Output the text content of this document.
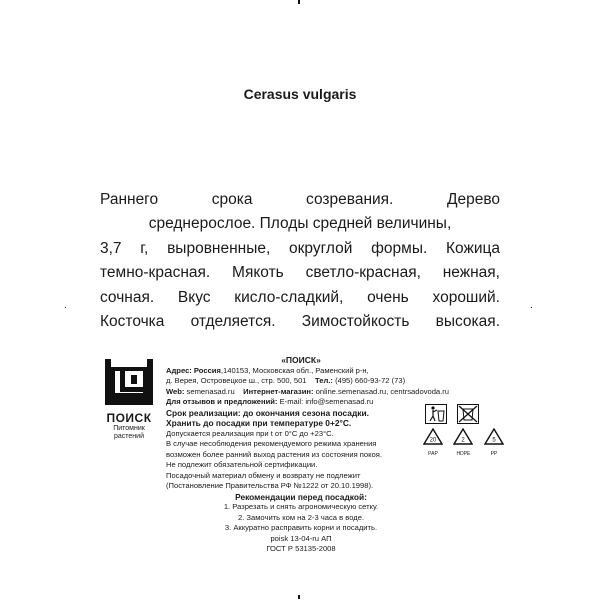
Cerasus vulgaris
Раннего срока созревания. Дерево
среднерослое. Плоды средней величины,
3,7 г, выровненные, округлой формы. Кожица
темно-красная. Мякоть светло-красная, нежная,
сочная. Вкус кисло-сладкий, очень хороший.
Косточка отделяется. Зимостойкость высокая.
.	.
ПОИСК
Питомник
растений
«ПОИСК»
Адрес: Россия,140153, Московская обл., Раменский р-н,
д. Верея, Островецкое ш., стр. 500, 501 Тел.: (495) 660-93-72 (73)
Web: semenasad.ru Интернет-магазин: online.semenasad.ru, centrsadovoda.ru
Для отзывов и предложений: E-mail: info@semenasad.ru
Срок реализации: до окончания сезона посадки.
Хранить до посадки при температуре 0+2°C.
Допускается реализация при t от 0°C до +23°C.
В случае несоблюдения рекомендуемого режима хранения
возможен более ранний выход растения из состояния покоя.
Не подлежит обязательной сертификации.
Посадочный материал обмену и возврату не подлежит
(Постановление Правительства РФ №1222 от 20.10.1998).
Рекомендации перед посадкой:
1. Разрезать и снять агрономическую сетку.
2. Замочить ком на 2-3 часа в воде.
3. Аккуратно расправить корни и посадить.
poisk 13-04-ru АП
ГОСТ Р 53135-2008

20
PAP

2
HDPE

5
PP
